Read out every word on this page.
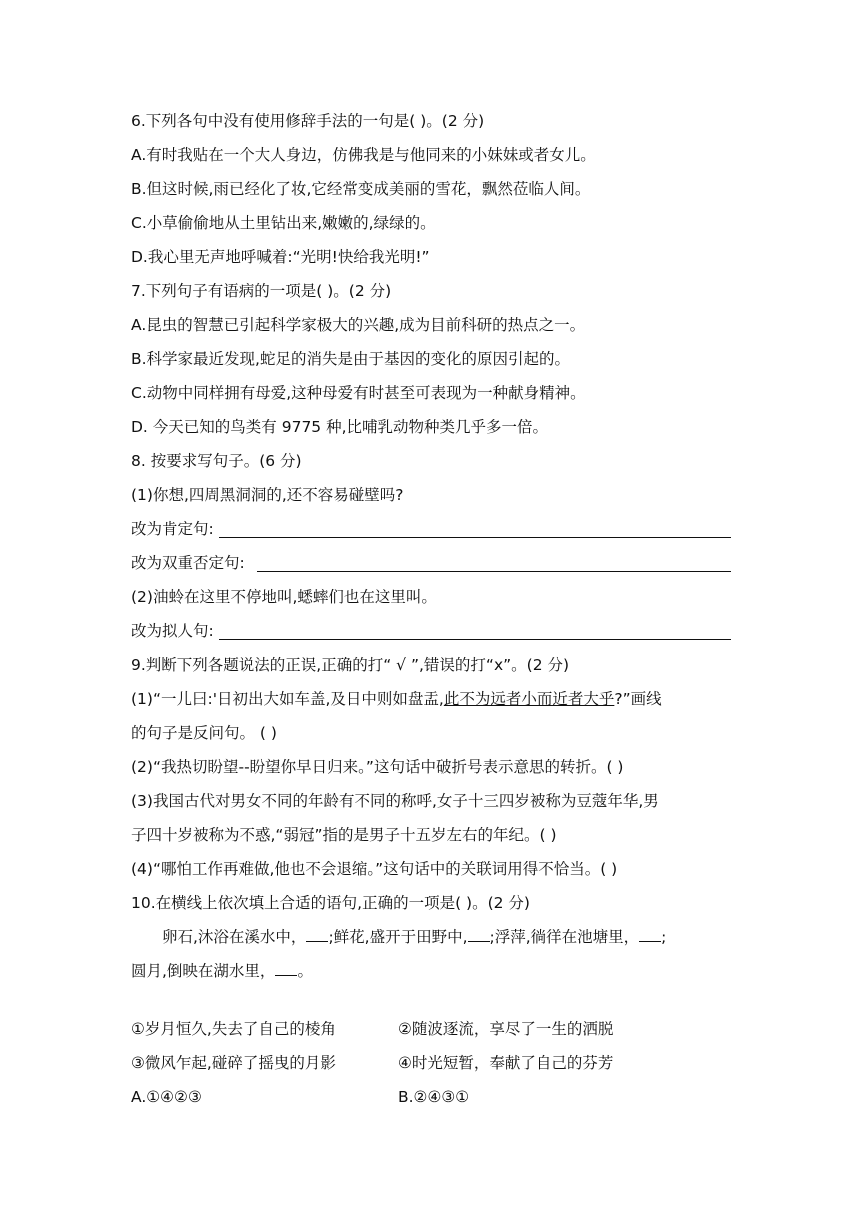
6.下列各句中没有使用修辞手法的一句是( )。(2 分)
A.有时我贴在一个大人身边，仿佛我是与他同来的小妹妹或者女儿。
B.但这时候,雨已经化了妆,它经常变成美丽的雪花，飘然莅临人间。
C.小草偷偷地从土里钻出来,嫩嫩的,绿绿的。
D.我心里无声地呼喊着:“光明!快给我光明!”
7.下列句子有语病的一项是( )。(2 分)
A.昆虫的智慧已引起科学家极大的兴趣,成为目前科研的热点之一。
B.科学家最近发现,蛇足的消失是由于基因的变化的原因引起的。
C.动物中同样拥有母爱,这种母爱有时甚至可表现为一种献身精神。
D. 今天已知的鸟类有 9775 种,比哺乳动物种类几乎多一倍。
8. 按要求写句子。(6 分)
(1)你想,四周黑洞洞的,还不容易碰壁吗?
改为肯定句:
改为双重否定句:
(2)油蛉在这里不停地叫,蟋蟀们也在这里叫。
改为拟人句:
9.判断下列各题说法的正误,正确的打“ √ ”,错误的打“x”。(2 分)
(1)“一儿曰:'日初出大如车盖,及日中则如盘盂,此不为远者小而近者大乎?”画线
的句子是反问句。 ( )
(2)“我热切盼望--盼望你早日归来。”这句话中破折号表示意思的转折。( )
(3)我国古代对男女不同的年龄有不同的称呼,女子十三四岁被称为豆蔻年华,男
子四十岁被称为不惑,“弱冠”指的是男子十五岁左右的年纪。( )
(4)“哪怕工作再难做,他也不会退缩。”这句话中的关联词用得不恰当。( )
10.在横线上依次填上合适的语句,正确的一项是( )。(2 分)
卵石,沐浴在溪水中， ;鲜花,盛开于田野中, ;浮萍,徜徉在池塘里， ;
圆月,倒映在湖水里， 。
①岁月恒久,失去了自己的棱角	②随波逐流，享尽了一生的洒脱
③微风乍起,碰碎了摇曳的月影	④时光短暂，奉献了自己的芬芳
A.①④②③	B.②④③①
